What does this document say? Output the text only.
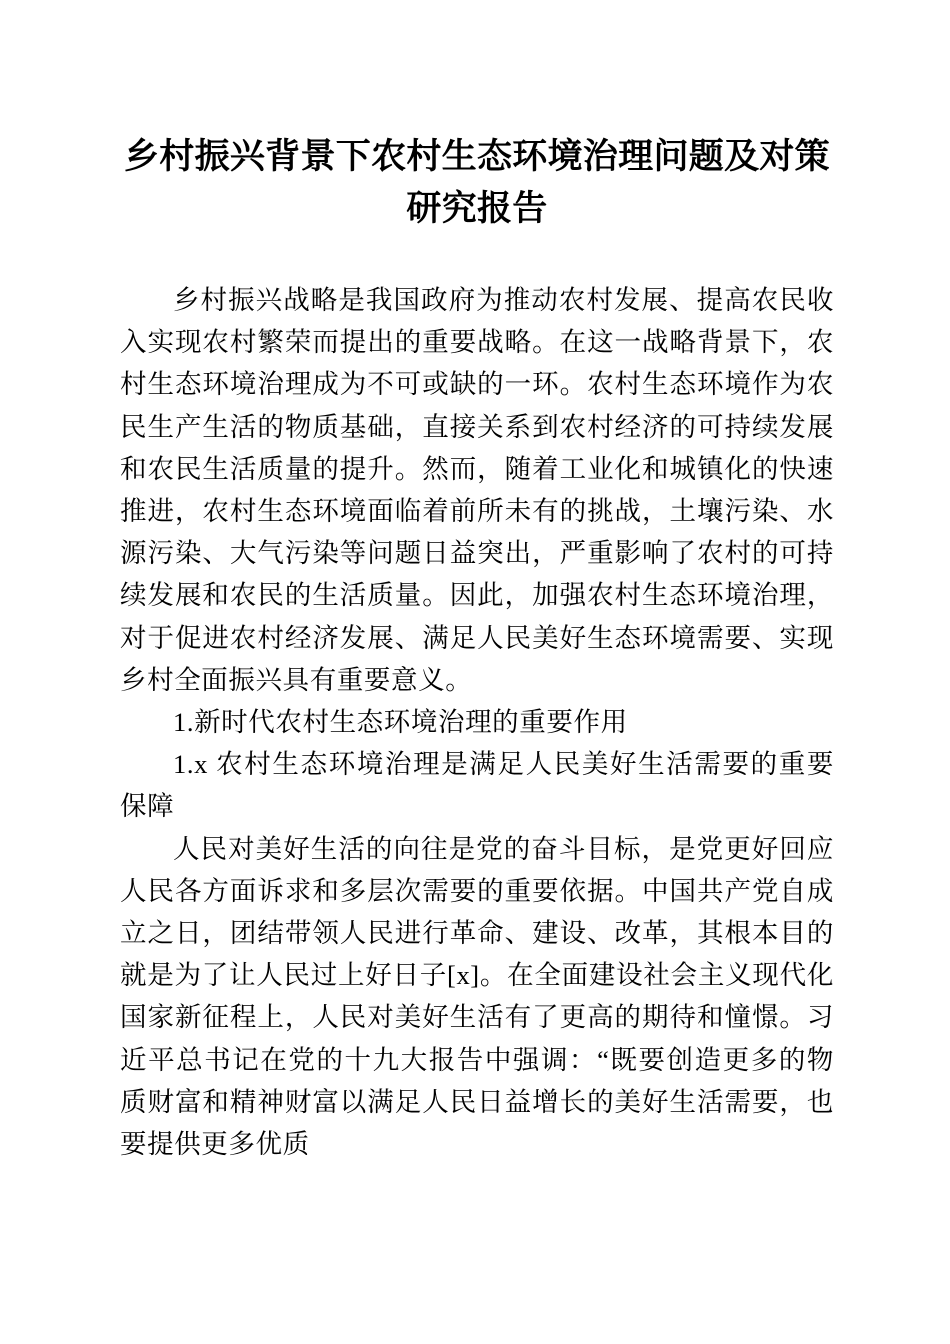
乡村振兴背景下农村生态环境治理问题及对策
研究报告

乡村振兴战略是我国政府为推动农村发展、提高农民收入实现农村繁荣而提出的重要战略。在这一战略背景下，农村生态环境治理成为不可或缺的一环。农村生态环境作为农民生产生活的物质基础，直接关系到农村经济的可持续发展和农民生活质量的提升。然而，随着工业化和城镇化的快速推进，农村生态环境面临着前所未有的挑战，土壤污染、水源污染、大气污染等问题日益突出，严重影响了农村的可持续发展和农民的生活质量。因此，加强农村生态环境治理，对于促进农村经济发展、满足人民美好生态环境需要、实现乡村全面振兴具有重要意义。

1.新时代农村生态环境治理的重要作用

1.x 农村生态环境治理是满足人民美好生活需要的重要保障

人民对美好生活的向往是党的奋斗目标，是党更好回应人民各方面诉求和多层次需要的重要依据。中国共产党自成立之日，团结带领人民进行革命、建设、改革，其根本目的就是为了让人民过上好日子[x]。在全面建设社会主义现代化国家新征程上，人民对美好生活有了更高的期待和憧憬。习近平总书记在党的十九大报告中强调：“既要创造更多的物质财富和精神财富以满足人民日益增长的美好生活需要，也要提供更多优质
